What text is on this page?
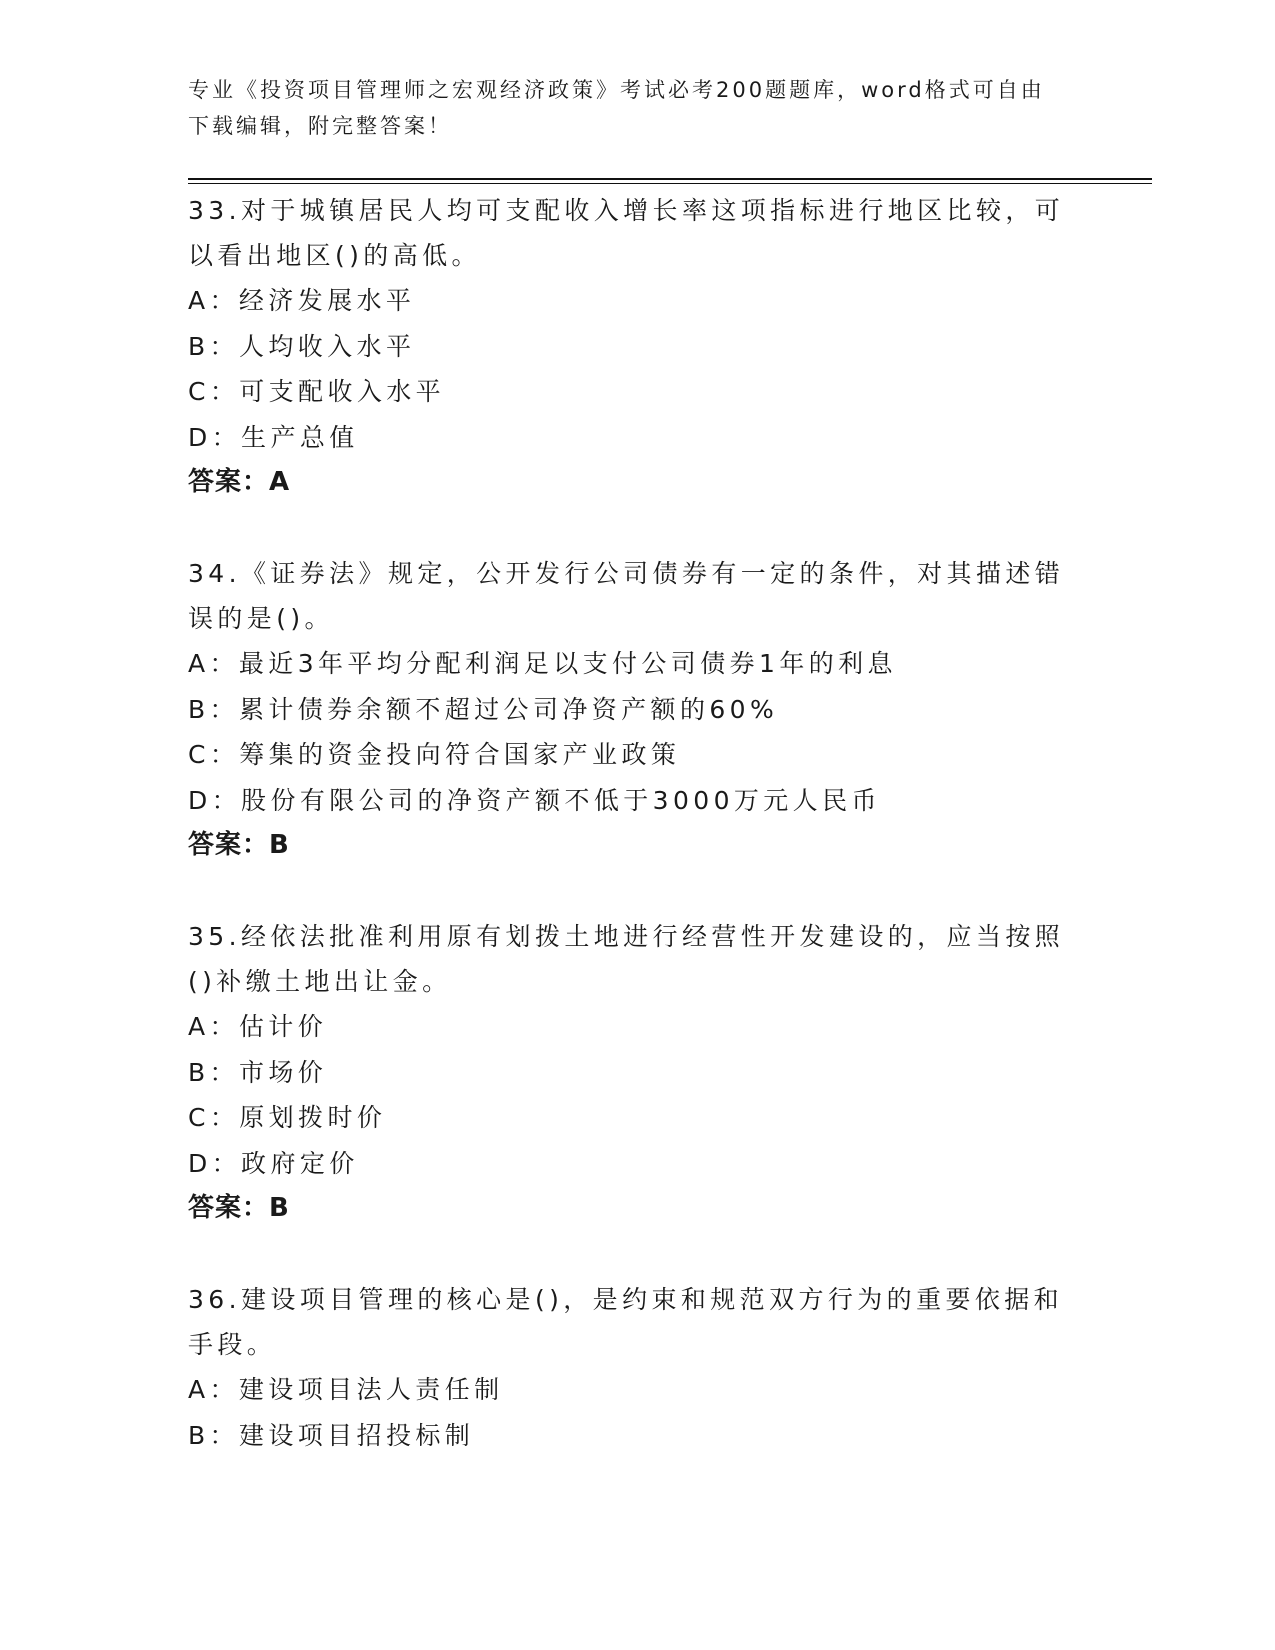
专业《投资项目管理师之宏观经济政策》考试必考200题题库，word格式可自由下载编辑，附完整答案！
33.对于城镇居民人均可支配收入增长率这项指标进行地区比较，可以看出地区()的高低。
A：经济发展水平
B：人均收入水平
C：可支配收入水平
D：生产总值
答案：A
34.《证券法》规定，公开发行公司债券有一定的条件，对其描述错误的是()。
A：最近3年平均分配利润足以支付公司债券1年的利息
B：累计债券余额不超过公司净资产额的60%
C：筹集的资金投向符合国家产业政策
D：股份有限公司的净资产额不低于3000万元人民币
答案：B
35.经依法批准利用原有划拨土地进行经营性开发建设的，应当按照()补缴土地出让金。
A：估计价
B：市场价
C：原划拨时价
D：政府定价
答案：B
36.建设项目管理的核心是()，是约束和规范双方行为的重要依据和手段。
A：建设项目法人责任制
B：建设项目招投标制
